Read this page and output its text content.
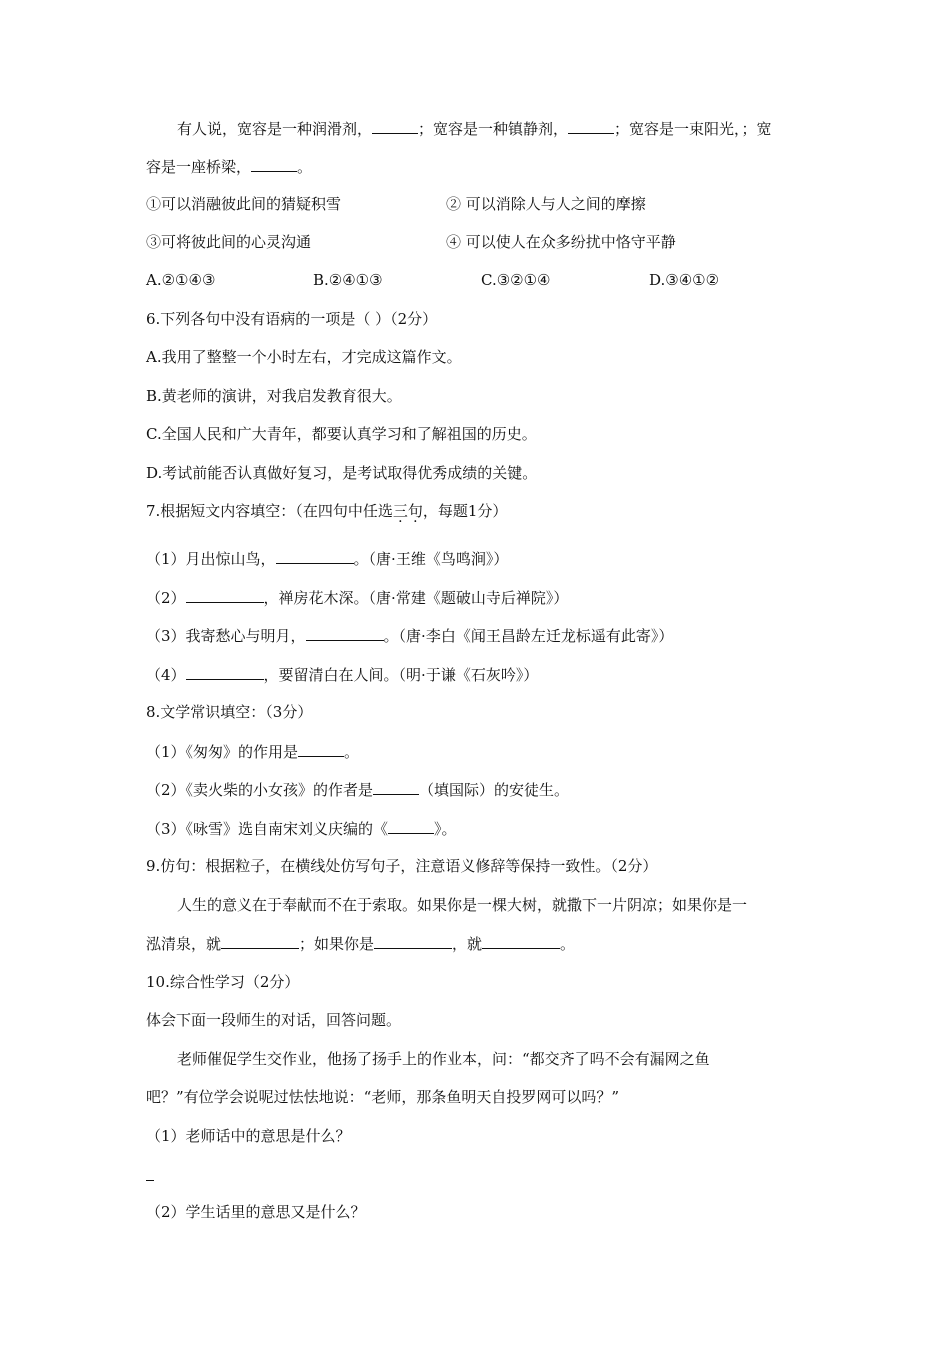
有人说，宽容是一种润滑剂，	；宽容是一种镇静剂，	；宽容是一束阳光，；宽
容是一座桥梁，	。
①可以消融彼此间的猜疑积雪	② 可以消除人与人之间的摩擦
③可将彼此间的心灵沟通	④ 可以使人在众多纷扰中恪守平静
A.②①④③	B.②④①③	C.③②①④	D.③④①②
6.下列各句中没有语病的一项是（ ）（2分）
A.我用了整整一个小时左右，才完成这篇作文。
B.黄老师的演讲，对我启发教育很大。
C.全国人民和广大青年，都要认真学习和了解祖国的历史。
D.考试前能否认真做好复习，是考试取得优秀成绩的关键。
7.根据短文内容填空：（在四句中任选三句，每题1分）
（1）月出惊山鸟，	。（唐·王维《鸟鸣涧》）
（2）	，禅房花木深。（唐·常建《题破山寺后禅院》）
（3）我寄愁心与明月，	。（唐·李白《闻王昌龄左迁龙标遥有此寄》）
（4）	，要留清白在人间。（明·于谦《石灰吟》）
8.文学常识填空：（3分）
（1）《匆匆》的作用是	。
（2）《卖火柴的小女孩》的作者是	（填国际）的安徒生。
（3）《咏雪》选自南宋刘义庆编的《	》。
9.仿句：根据粒子，在横线处仿写句子，注意语义修辞等保持一致性。（2分）
人生的意义在于奉献而不在于索取。如果你是一棵大树，就撒下一片阴凉；如果你是一
泓清泉，就	；如果你是	，就	。
10.综合性学习（2分）
体会下面一段师生的对话，回答问题。
老师催促学生交作业，他扬了扬手上的作业本，问：“都交齐了吗不会有漏网之鱼
吧？”有位学会说呢过怯怯地说：“老师，那条鱼明天自投罗网可以吗？”
（1）老师话中的意思是什么？
（2）学生话里的意思又是什么？
